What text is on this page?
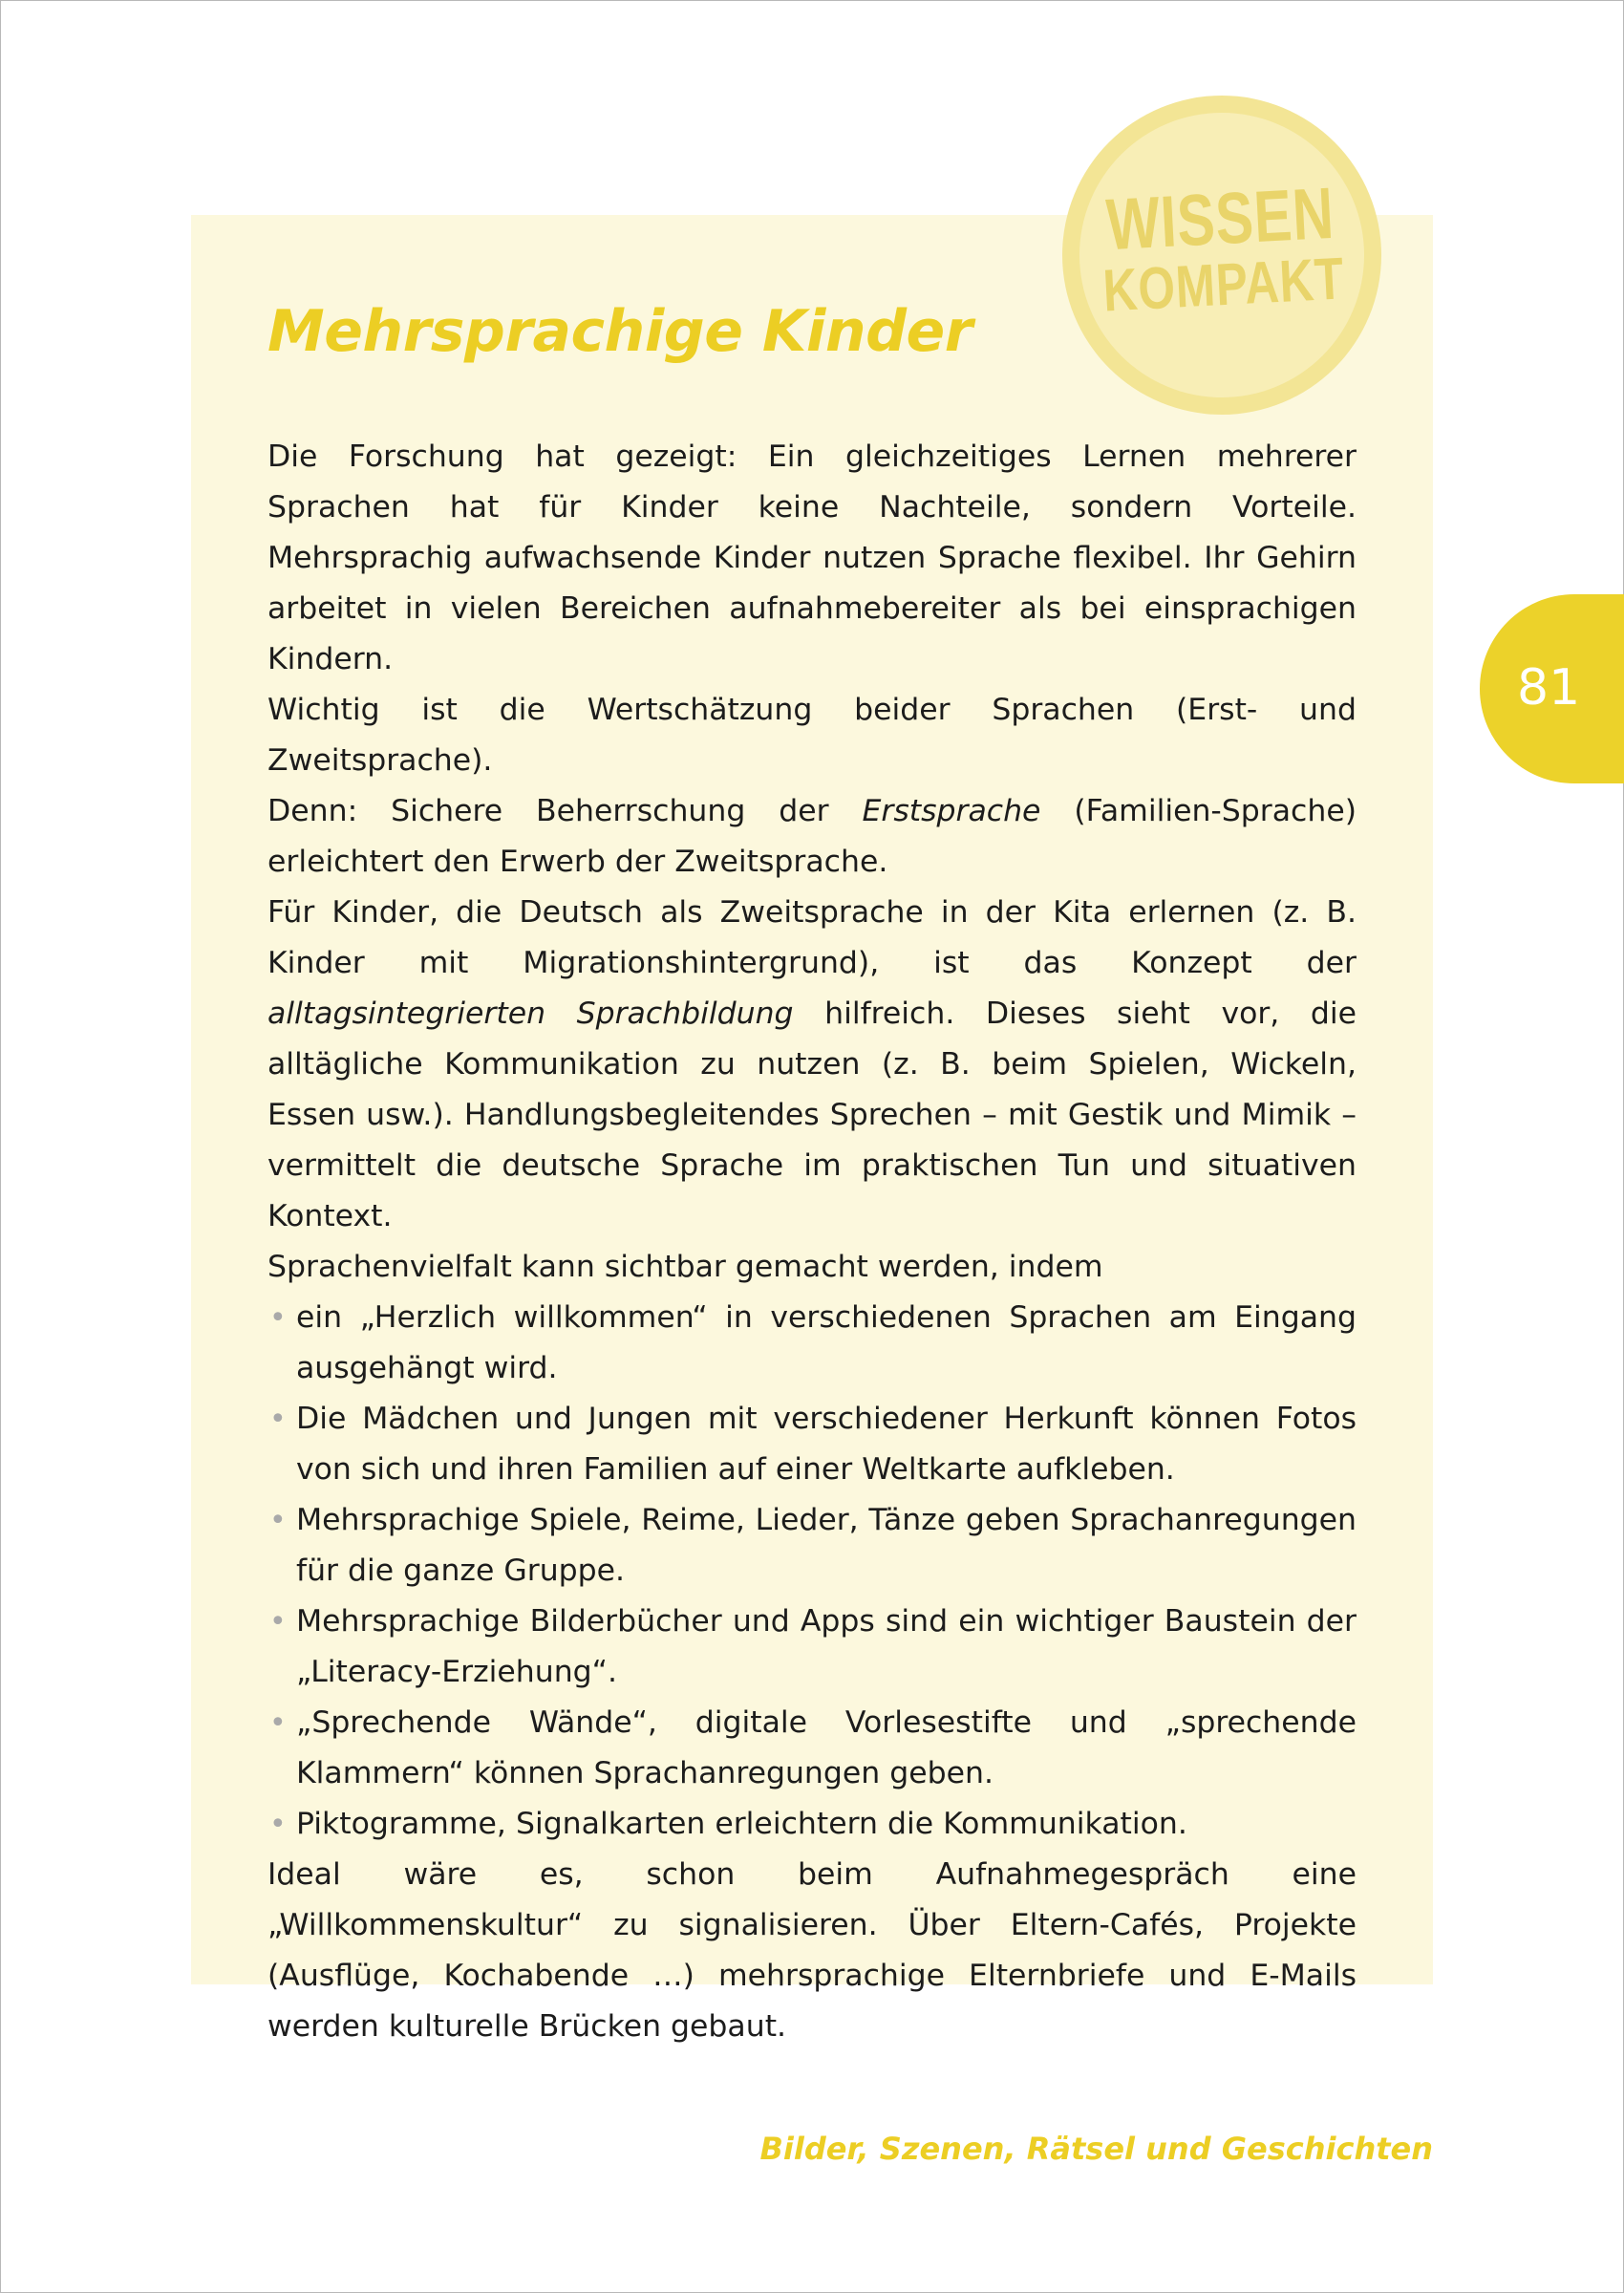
WISSEN
KOMPAKT
Mehrsprachige Kinder
81

Die Forschung hat gezeigt: Ein gleichzeitiges Lernen mehrerer Sprachen hat für Kinder keine Nachteile, sondern Vorteile. Mehrsprachig aufwachsende Kinder nutzen Sprache flexibel. Ihr Gehirn arbeitet in vielen Bereichen aufnahmebereiter als bei einsprachigen Kindern.

Wichtig ist die Wertschätzung beider Sprachen (Erst- und Zweitsprache).

Denn: Sichere Beherrschung der Erstsprache (Familien-Sprache) erleichtert den Erwerb der Zweitsprache.

Für Kinder, die Deutsch als Zweitsprache in der Kita erlernen (z. B. Kinder mit Migrationshintergrund), ist das Konzept der alltagsintegrierten Sprachbildung hilfreich. Dieses sieht vor, die alltägliche Kommunikation zu nutzen (z. B. beim Spielen, Wickeln, Essen usw.). Handlungsbegleitendes Sprechen – mit Gestik und Mimik – vermittelt die deutsche Sprache im praktischen Tun und situativen Kontext.

Sprachenvielfalt kann sichtbar gemacht werden, indem

• ein „Herzlich willkommen“ in verschiedenen Sprachen am Eingang ausgehängt wird.
• Die Mädchen und Jungen mit verschiedener Herkunft können Fotos von sich und ihren Familien auf einer Weltkarte aufkleben.
• Mehrsprachige Spiele, Reime, Lieder, Tänze geben Sprachanregungen für die ganze Gruppe.
• Mehrsprachige Bilderbücher und Apps sind ein wichtiger Baustein der „Literacy-Erziehung“.
• „Sprechende Wände“, digitale Vorlesestifte und „sprechende Klammern“ können Sprachanregungen geben.
• Piktogramme, Signalkarten erleichtern die Kommunikation.

Ideal wäre es, schon beim Aufnahmegespräch eine „Willkommenskultur“ zu signalisieren. Über Eltern-Cafés, Projekte (Ausflüge, Kochabende …) mehrsprachige Elternbriefe und E-Mails werden kulturelle Brücken gebaut.

Bilder, Szenen, Rätsel und Geschichten
